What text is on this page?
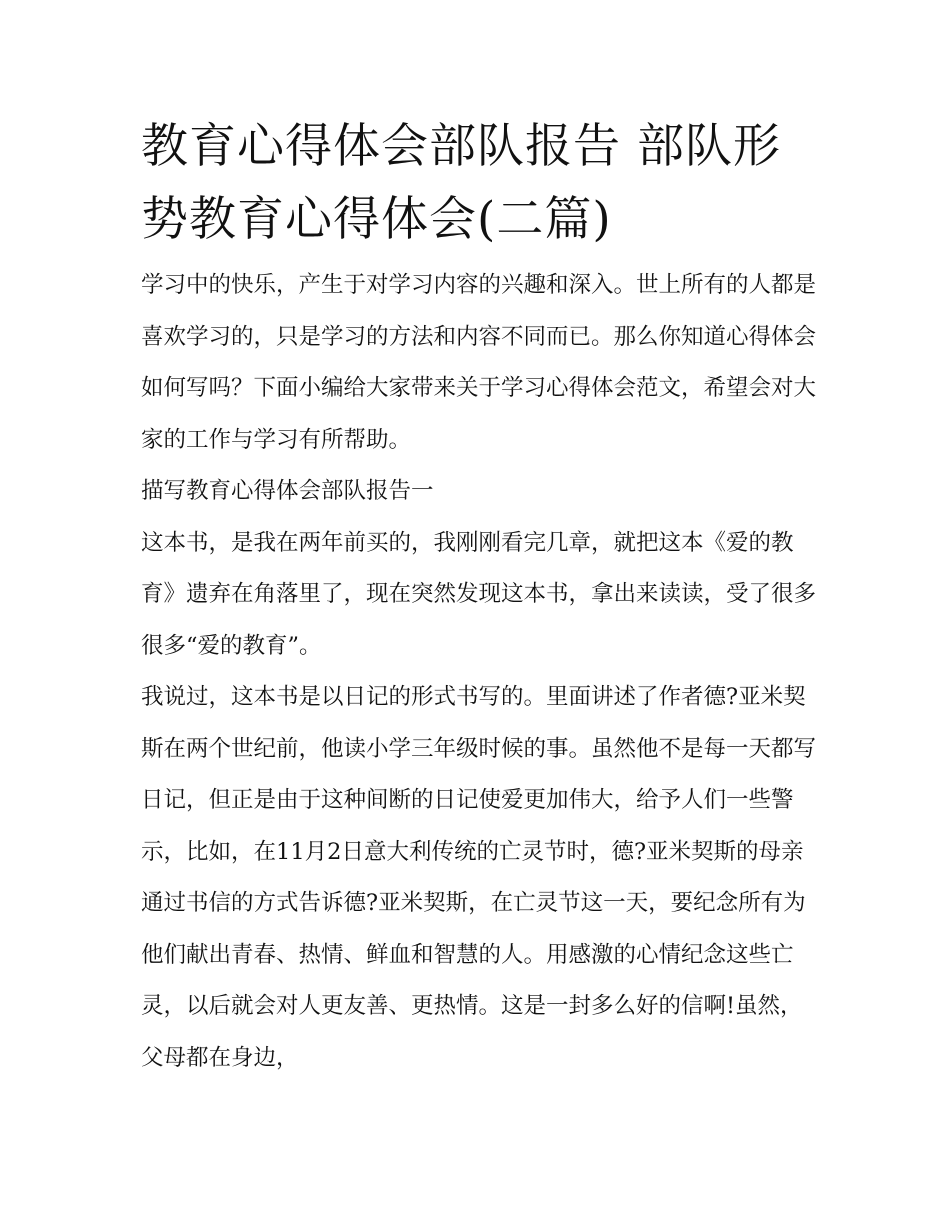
教育心得体会部队报告 部队形势教育心得体会(二篇)

学习中的快乐，产生于对学习内容的兴趣和深入。世上所有的人都是喜欢学习的，只是学习的方法和内容不同而已。那么你知道心得体会如何写吗？下面小编给大家带来关于学习心得体会范文，希望会对大家的工作与学习有所帮助。

描写教育心得体会部队报告一

这本书，是我在两年前买的，我刚刚看完几章，就把这本《爱的教育》遗弃在角落里了，现在突然发现这本书，拿出来读读，受了很多很多“爱的教育”。

我说过，这本书是以日记的形式书写的。里面讲述了作者德?亚米契斯在两个世纪前，他读小学三年级时候的事。虽然他不是每一天都写日记，但正是由于这种间断的日记使爱更加伟大，给予人们一些警示，比如，在11月2日意大利传统的亡灵节时，德?亚米契斯的母亲通过书信的方式告诉德?亚米契斯，在亡灵节这一天，要纪念所有为他们献出青春、热情、鲜血和智慧的人。用感激的心情纪念这些亡灵，以后就会对人更友善、更热情。这是一封多么好的信啊!虽然，父母都在身边，
